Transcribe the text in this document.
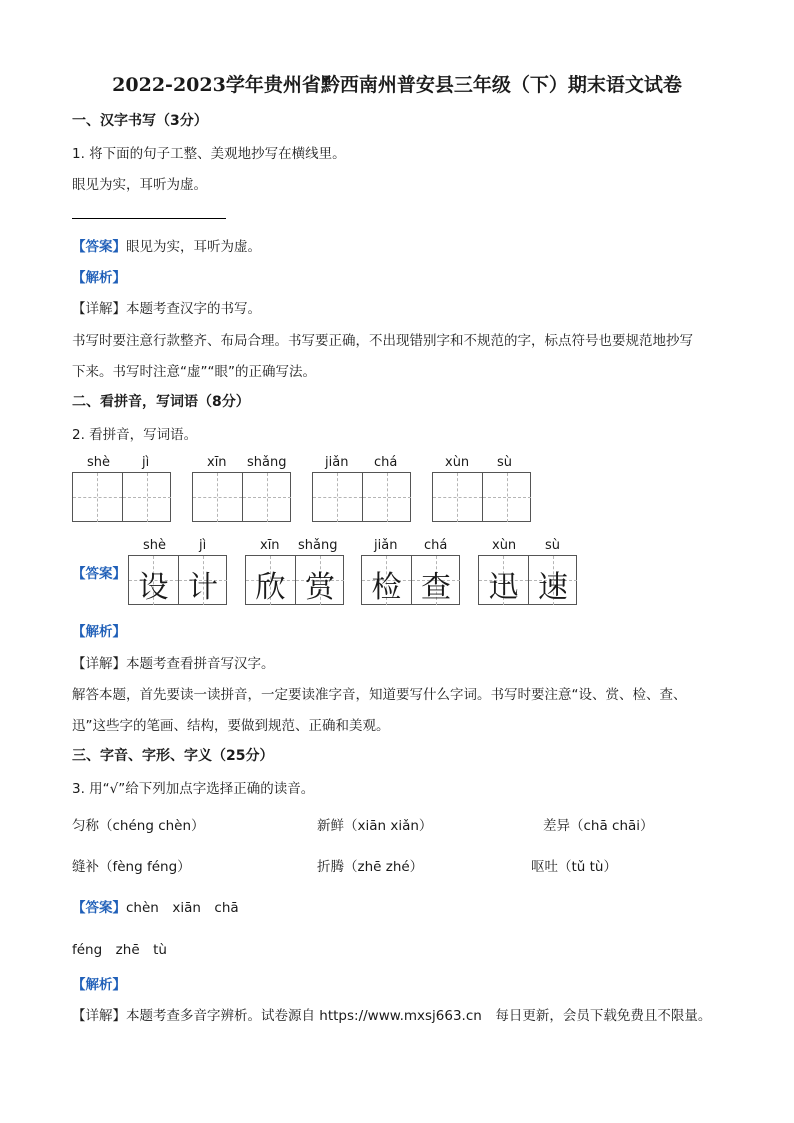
2022-2023学年贵州省黔西南州普安县三年级（下）期末语文试卷
一、汉字书写（3分）
1. 将下面的句子工整、美观地抄写在横线里。
眼见为实，耳听为虚。
【答案】眼见为实，耳听为虚。
【解析】
【详解】本题考查汉字的书写。
书写时要注意行款整齐、布局合理。书写要正确，不出现错别字和不规范的字，标点符号也要规范地抄写
下来。书写时注意“虚”“眼”的正确写法。
二、看拼音，写词语（8分）
2. 看拼音，写词语。
shè jì	xīn shǎng	jiǎn chá	xùn sù
【答案】
shè	jì	xīn shǎng	jiǎn chá	xùn sù
设 计	欣 赏	检 查	迅 速
【解析】
【详解】本题考查看拼音写汉字。
解答本题，首先要读一读拼音，一定要读准字音，知道要写什么字词。书写时要注意“设、赏、检、查、
迅”这些字的笔画、结构，要做到规范、正确和美观。
三、字音、字形、字义（25分）
3. 用“√”给下列加点字选择正确的读音。
匀称（chéng chèn）	新鲜（xiān xiǎn）	差异（chā chāi）
缝补（fèng féng）	折腾（zhē zhé）	呕吐（tǔ tù）
【答案】chèn　xiān　chā
féng　zhē　tù
【解析】
【详解】本题考查多音字辨析。试卷源自 https://www.mxsj663.cn　每日更新，会员下载免费且不限量。
